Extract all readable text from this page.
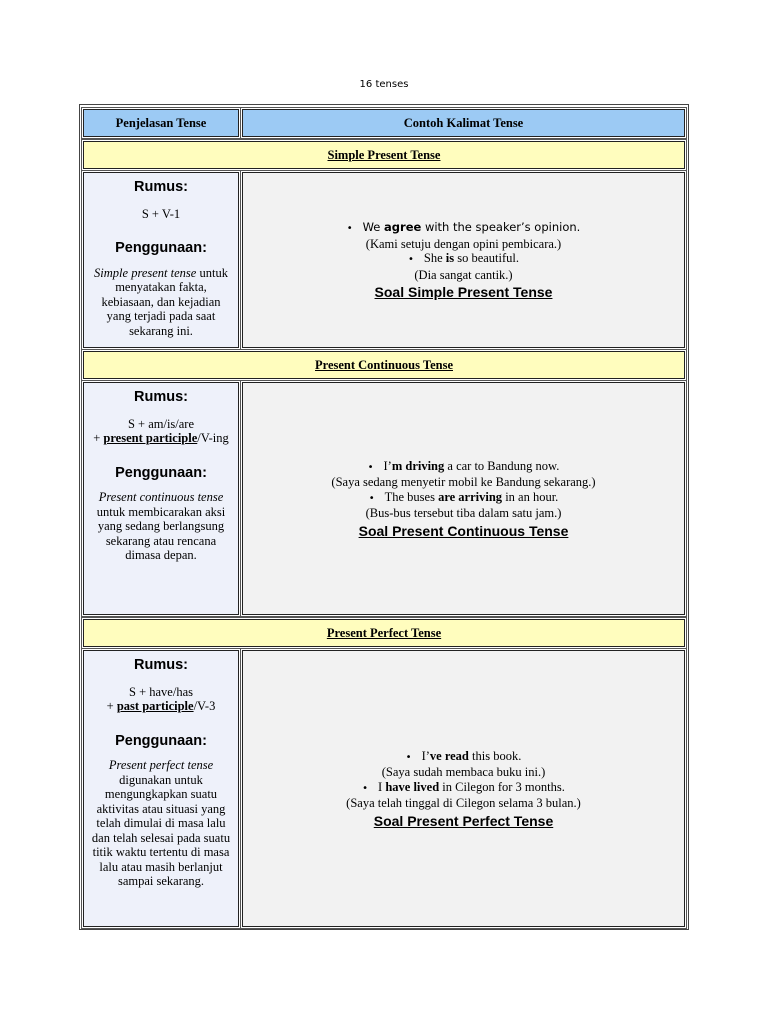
16 tenses
Penjelasan Tense	Contoh Kalimat Tense
Simple Present Tense
Rumus:
S + V-1
Penggunaan:
Simple present tense untuk menyatakan fakta, kebiasaan, dan kejadian yang terjadi pada saat sekarang ini.
• We agree with the speaker’s opinion.
(Kami setuju dengan opini pembicara.)
• She is so beautiful.
(Dia sangat cantik.)
Soal Simple Present Tense
Present Continuous Tense
Rumus:
S + am/is/are
+ present participle/V-ing
Penggunaan:
Present continuous tense untuk membicarakan aksi yang sedang berlangsung sekarang atau rencana dimasa depan.
• I’m driving a car to Bandung now.
(Saya sedang menyetir mobil ke Bandung sekarang.)
• The buses are arriving in an hour.
(Bus-bus tersebut tiba dalam satu jam.)
Soal Present Continuous Tense
Present Perfect Tense
Rumus:
S + have/has
+ past participle/V-3
Penggunaan:
Present perfect tense digunakan untuk mengungkapkan suatu aktivitas atau situasi yang telah dimulai di masa lalu dan telah selesai pada suatu titik waktu tertentu di masa lalu atau masih berlanjut sampai sekarang.
• I’ve read this book.
(Saya sudah membaca buku ini.)
• I have lived in Cilegon for 3 months.
(Saya telah tinggal di Cilegon selama 3 bulan.)
Soal Present Perfect Tense
